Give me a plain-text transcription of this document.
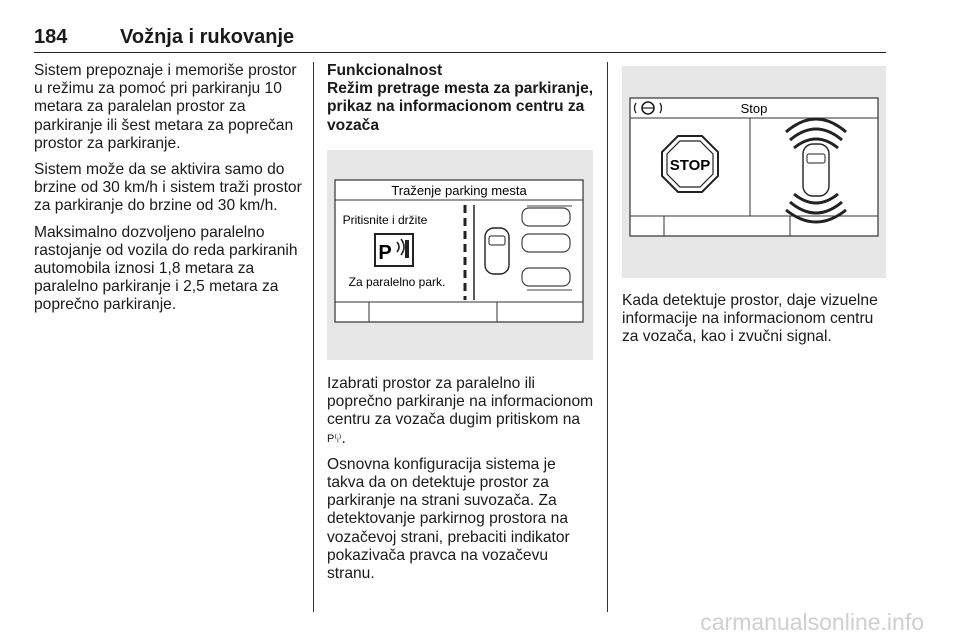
184	Vožnja i rukovanje

Sistem prepoznaje i memoriše prostor u režimu za pomoć pri parkiranju 10 metara za paralelan prostor za parkiranje ili šest metara za poprečan prostor za parkiranje.

Sistem može da se aktivira samo do brzine od 30 km/h i sistem traži prostor za parkiranje do brzine od 30 km/h.

Maksimalno dozvoljeno paralelno rastojanje od vozila do reda parkiranih automobila iznosi 1,8 metara za paralelno parkiranje i 2,5 metara za poprečno parkiranje.

Funkcionalnost
Režim pretrage mesta za parkiranje, prikaz na informacionom centru za vozača
Traženje parking mesta
Pritisnite i držite
P
Za paralelno park.

Izabrati prostor za paralelno ili poprečno parkiranje na informacionom centru za vozača dugim pritiskom na P⁽ᵢ⁾.

Osnovna konfiguracija sistema je takva da on detektuje prostor za parkiranje na strani suvozača. Za detektovanje parkirnog prostora na vozačevoj strani, prebaciti indikator pokazivača pravca na vozačevu stranu.

Stop
STOP

Kada detektuje prostor, daje vizuelne informacije na informacionom centru za vozača, kao i zvučni signal.

carmanualsonline.info
